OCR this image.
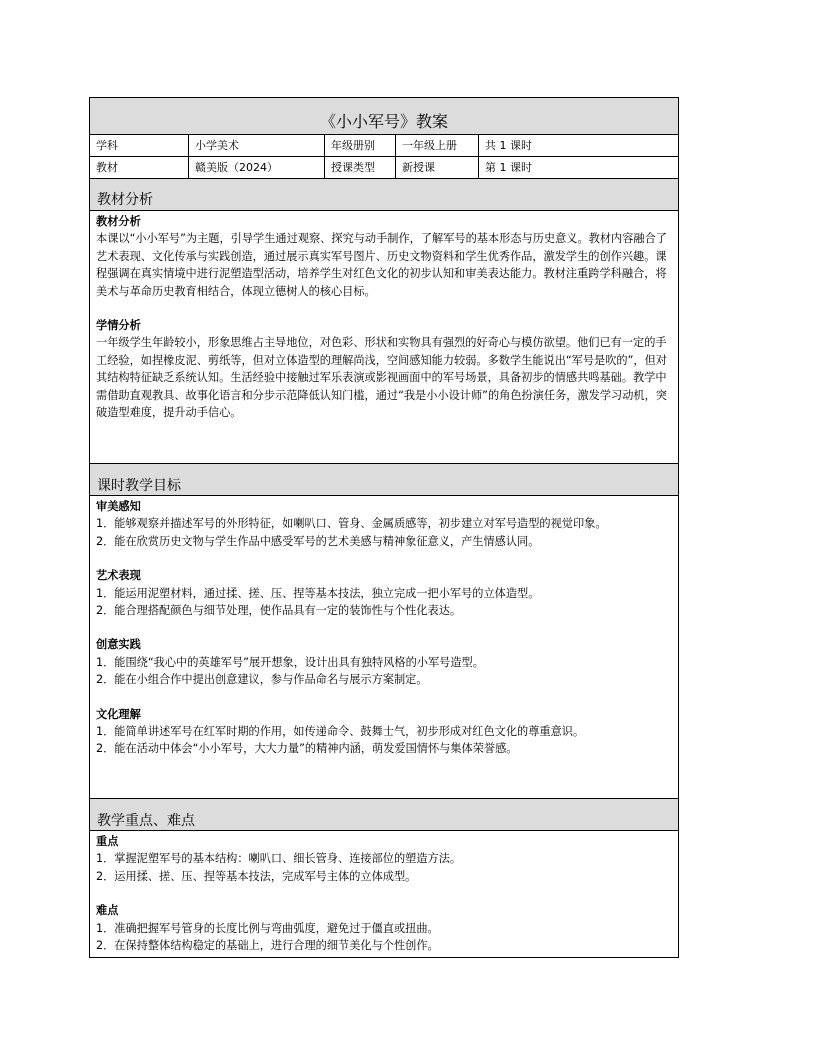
《小小军号》教案
学科	小学美术	年级册别	一年级上册	共 1 课时
教材	赣美版（2024）	授课类型	新授课	第 1 课时
教材分析
教材分析

本课以“小小军号”为主题，引导学生通过观察、探究与动手制作，了解军号的基本形态与历史意义。教材内容融合了艺术表现、文化传承与实践创造，通过展示真实军号图片、历史文物资料和学生优秀作品，激发学生的创作兴趣。课程强调在真实情境中进行泥塑造型活动，培养学生对红色文化的初步认知和审美表达能力。教材注重跨学科融合，将美术与革命历史教育相结合，体现立德树人的核心目标。

学情分析

一年级学生年龄较小，形象思维占主导地位，对色彩、形状和实物具有强烈的好奇心与模仿欲望。他们已有一定的手工经验，如捏橡皮泥、剪纸等，但对立体造型的理解尚浅，空间感知能力较弱。多数学生能说出“军号是吹的”，但对其结构特征缺乏系统认知。生活经验中接触过军乐表演或影视画面中的军号场景，具备初步的情感共鸣基础。教学中需借助直观教具、故事化语言和分步示范降低认知门槛，通过“我是小小设计师”的角色扮演任务，激发学习动机，突破造型难度，提升动手信心。

课时教学目标
审美感知
1．能够观察并描述军号的外形特征，如喇叭口、管身、金属质感等，初步建立对军号造型的视觉印象。
2．能在欣赏历史文物与学生作品中感受军号的艺术美感与精神象征意义，产生情感认同。
艺术表现
1．能运用泥塑材料，通过揉、搓、压、捏等基本技法，独立完成一把小军号的立体造型。
2．能合理搭配颜色与细节处理，使作品具有一定的装饰性与个性化表达。
创意实践
1．能围绕“我心中的英雄军号”展开想象，设计出具有独特风格的小军号造型。
2．能在小组合作中提出创意建议，参与作品命名与展示方案制定。
文化理解
1．能简单讲述军号在红军时期的作用，如传递命令、鼓舞士气，初步形成对红色文化的尊重意识。
2．能在活动中体会“小小军号，大大力量”的精神内涵，萌发爱国情怀与集体荣誉感。
教学重点、难点
重点
1．掌握泥塑军号的基本结构：喇叭口、细长管身、连接部位的塑造方法。
2．运用揉、搓、压、捏等基本技法，完成军号主体的立体成型。
难点
1．准确把握军号管身的长度比例与弯曲弧度，避免过于僵直或扭曲。
2．在保持整体结构稳定的基础上，进行合理的细节美化与个性创作。
